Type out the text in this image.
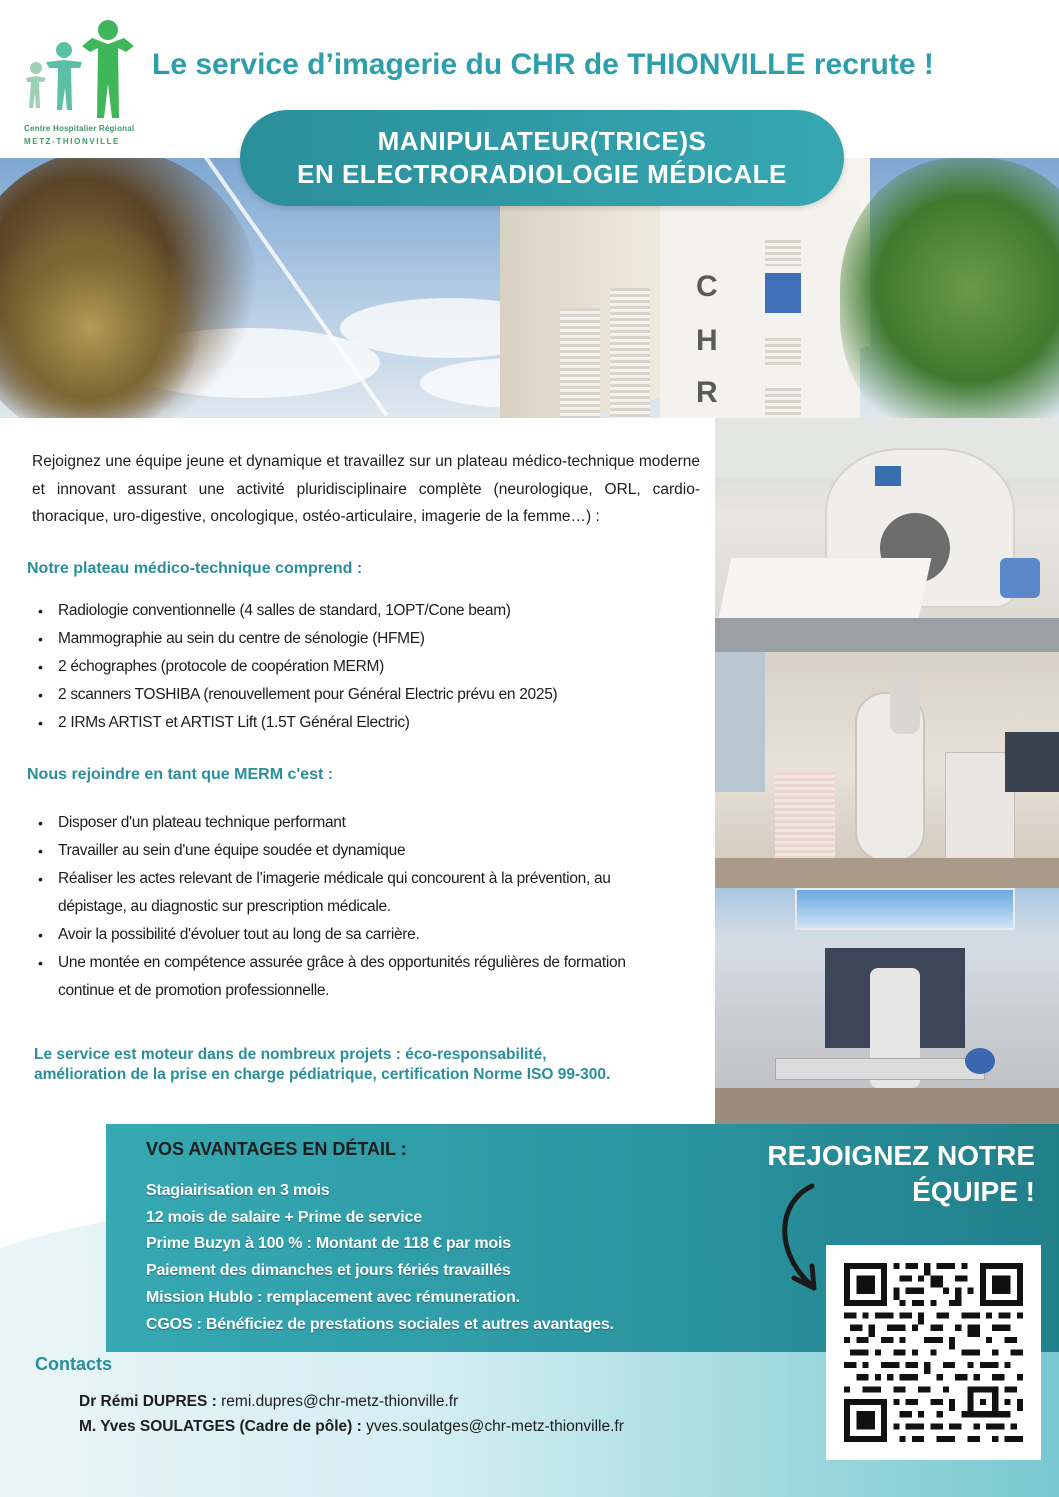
Centre Hospitalier Régional
METZ-THIONVILLE
Le service d’imagerie du CHR de THIONVILLE recrute !
C
H
R
MANIPULATEUR(TRICE)S
EN ELECTRORADIOLOGIE MÉDICALE

Rejoignez une équipe jeune et dynamique et travaillez sur un plateau médico-technique moderne et innovant assurant une activité pluridisciplinaire complète (neurologique, ORL, cardio-thoracique, uro-digestive, oncologique, ostéo-articulaire, imagerie de la femme…) :

Notre plateau médico-technique comprend :
• Radiologie conventionnelle (4 salles de standard, 1OPT/Cone beam)
• Mammographie au sein du centre de sénologie (HFME)
• 2 échographes (protocole de coopération MERM)
• 2 scanners TOSHIBA (renouvellement pour Général Electric prévu en 2025)
• 2 IRMs ARTIST et ARTIST Lift (1.5T Général Electric)
Nous rejoindre en tant que MERM c'est :
• Disposer d'un plateau technique performant
• Travailler au sein d'une équipe soudée et dynamique
• Réaliser les actes relevant de l’imagerie médicale qui concourent à la prévention, au dépistage, au diagnostic sur prescription médicale.
• Avoir la possibilité d'évoluer tout au long de sa carrière.
• Une montée en compétence assurée grâce à des opportunités régulières de formation continue et de promotion professionnelle.
Le service est moteur dans de nombreux projets : éco-responsabilité,
amélioration de la prise en charge pédiatrique, certification Norme ISO 99-300.
VOS AVANTAGES EN DÉTAIL :
Stagiairisation en 3 mois
12 mois de salaire + Prime de service
Prime Buzyn à 100 % : Montant de 118 € par mois
Paiement des dimanches et jours fériés travaillés
Mission Hublo : remplacement avec rémuneration.
CGOS : Bénéficiez de prestations sociales et autres avantages.
REJOIGNEZ NOTRE
ÉQUIPE !
Contacts
Dr Rémi DUPRES : remi.dupres@chr-metz-thionville.fr
M. Yves SOULATGES (Cadre de pôle) : yves.soulatges@chr-metz-thionville.fr
